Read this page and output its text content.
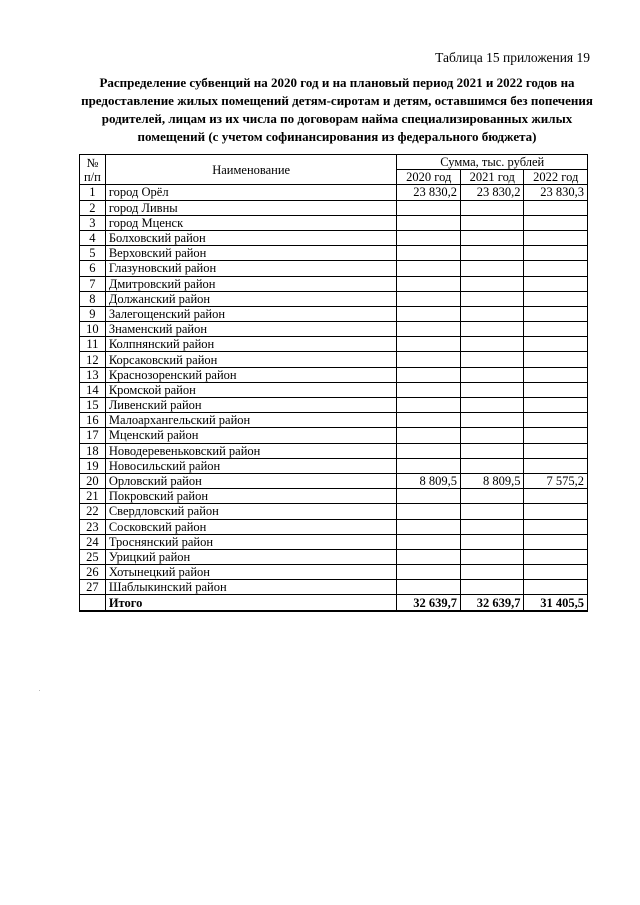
Таблица 15 приложения 19
Распределение субвенций на 2020 год и на плановый период 2021 и 2022 годов на предоставление жилых помещений детям-сиротам и детям, оставшимся без попечения родителей, лицам из их числа по договорам найма специализированных жилых помещений (с учетом софинансирования из федерального бюджета)
№
п/п	Наименование	Сумма, тыс. рублей		
		2020 год	2021 год	2022 год
1	город Орёл	23 830,2	23 830,2	23 830,3
2	город Ливны			
3	город Мценск			
4	Болховский район			
5	Верховский район			
6	Глазуновский район			
7	Дмитровский район			
8	Должанский район			
9	Залегощенский район			
10	Знаменский район			
11	Колпнянский район			
12	Корсаковский район			
13	Краснозоренский район			
14	Кромской район			
15	Ливенский район			
16	Малоархангельский район			
17	Мценский район			
18	Новодеревеньковский район			
19	Новосильский район			
20	Орловский район	8 809,5	8 809,5	7 575,2
21	Покровский район			
22	Свердловский район			
23	Сосковский район			
24	Троснянский район			
25	Урицкий район			
26	Хотынецкий район			
27	Шаблыкинский район			
	Итого	32 639,7	32 639,7	31 405,5
